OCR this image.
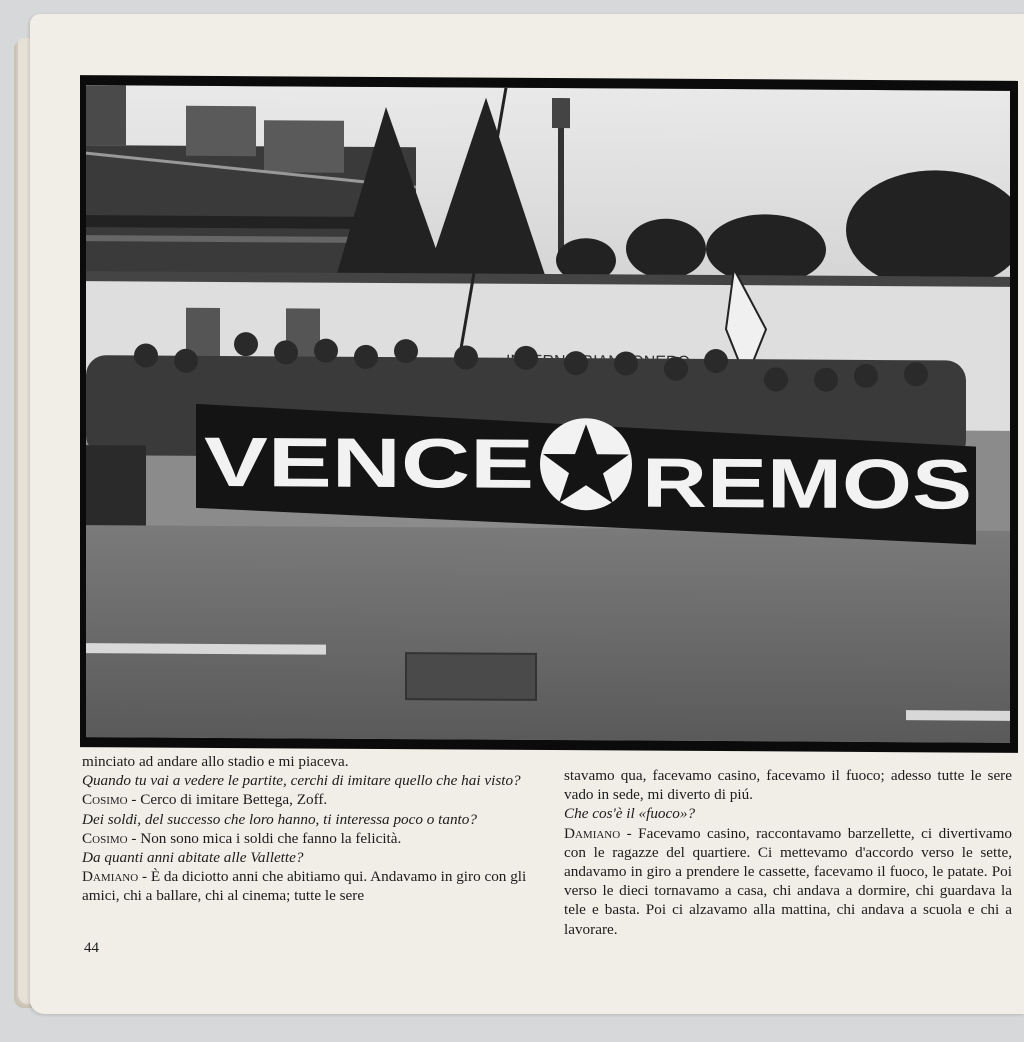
VENCE	REMOS

minciato ad andare allo stadio e mi piaceva.

Quando tu vai a vedere le partite, cerchi di imitare quello che hai visto?

Cosimo - Cerco di imitare Bettega, Zoff.

Dei soldi, del successo che loro hanno, ti interessa poco o tanto?

Cosimo - Non sono mica i soldi che fanno la felicità.

Da quanti anni abitate alle Vallette?

Damiano - È da diciotto anni che abitiamo qui. Andavamo in giro con gli amici, chi a ballare, chi al cinema; tutte le sere

stavamo qua, facevamo casino, facevamo il fuoco; adesso tutte le sere vado in sede, mi diverto di piú.

Che cos'è il «fuoco»?

Damiano - Facevamo casino, raccontavamo barzellette, ci divertivamo con le ragazze del quartiere. Ci mettevamo d'accordo verso le sette, andavamo in giro a prendere le cassette, facevamo il fuoco, le patate. Poi verso le dieci tornavamo a casa, chi andava a dormire, chi guardava la tele e basta. Poi ci alzavamo alla mattina, chi andava a scuola e chi a lavorare.

44
